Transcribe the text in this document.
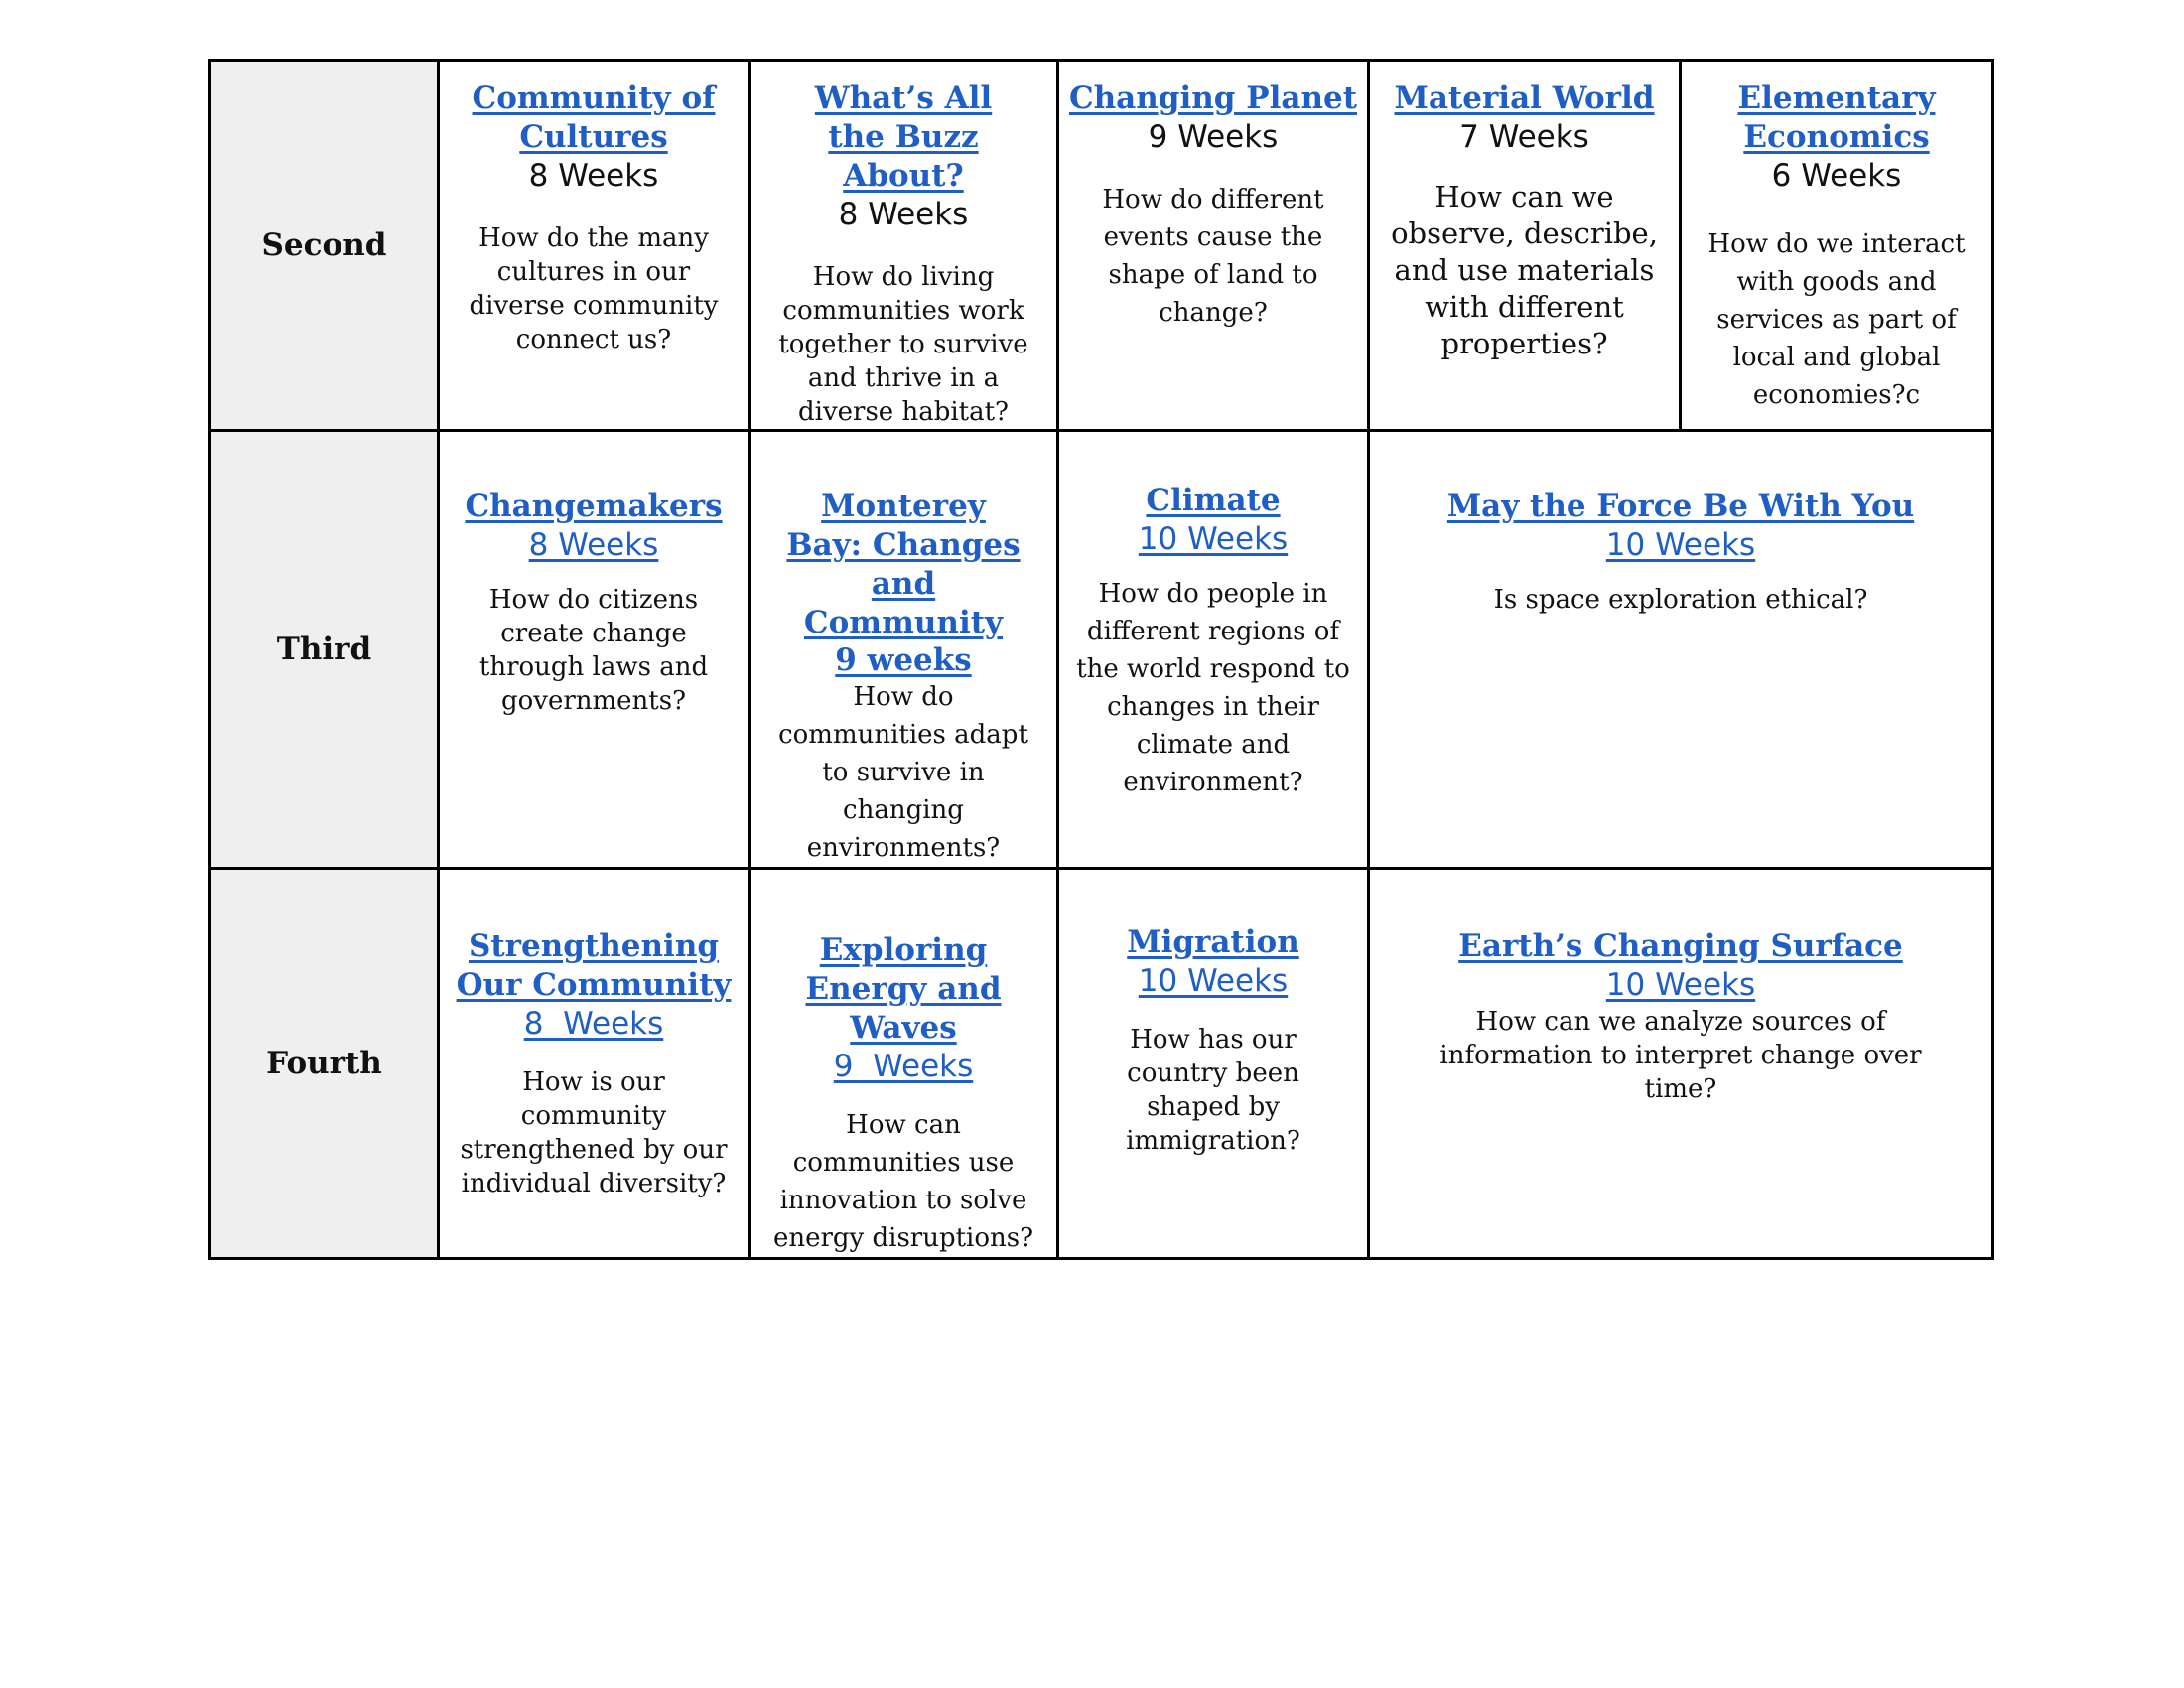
Second	Community of Cultures
8 Weeks
How do the many cultures in our diverse community connect us?	What’s All the Buzz About?
8 Weeks
How do living communities work together to survive and thrive in a diverse habitat?	Changing Planet
9 Weeks
How do different events cause the shape of land to change?	Material World
7 Weeks
How can we observe, describe, and use materials with different properties?	Elementary Economics
6 Weeks
How do we interact with goods and services as part of local and global economies?c

Third	Changemakers
8 Weeks
How do citizens create change through laws and governments?	Monterey Bay: Changes and Community
9 weeks
How do communities adapt to survive in changing environments?	Climate
10 Weeks
How do people in different regions of the world respond to changes in their climate and environment?	May the Force Be With You
10 Weeks
Is space exploration ethical?	

Fourth	Strengthening Our Community
8  Weeks
How is our community strengthened by our individual diversity?	Exploring Energy and Waves
9  Weeks
How can communities use innovation to solve energy disruptions?	Migration
10 Weeks
How has our country been shaped by immigration?	Earth’s Changing Surface
10 Weeks
How can we analyze sources of information to interpret change over time?	
